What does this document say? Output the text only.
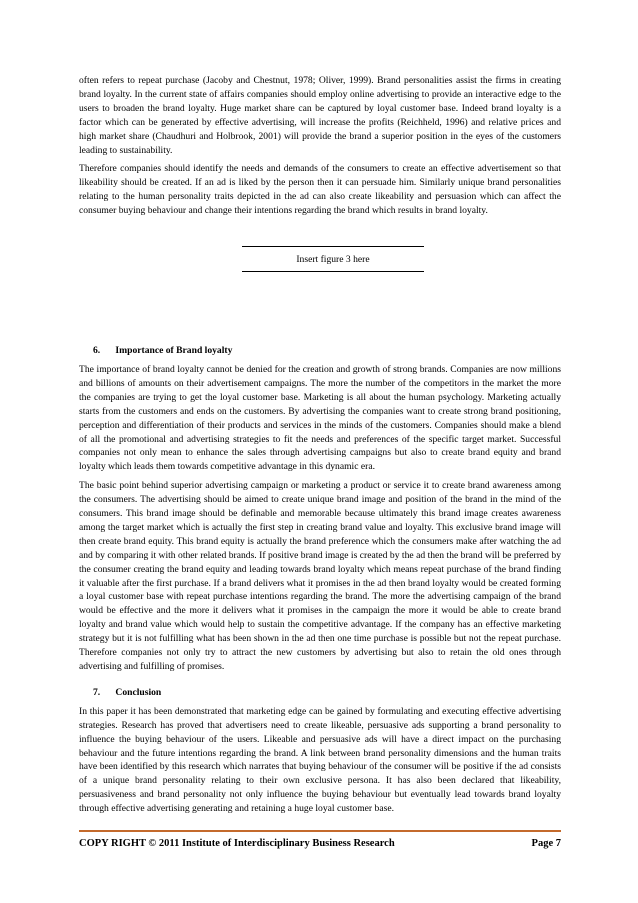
often refers to repeat purchase (Jacoby and Chestnut, 1978; Oliver, 1999). Brand personalities assist the firms in creating brand loyalty. In the current state of affairs companies should employ online advertising to provide an interactive edge to the users to broaden the brand loyalty. Huge market share can be captured by loyal customer base. Indeed brand loyalty is a factor which can be generated by effective advertising, will increase the profits (Reichheld, 1996) and relative prices and high market share (Chaudhuri and Holbrook, 2001) will provide the brand a superior position in the eyes of the customers leading to sustainability.

Therefore companies should identify the needs and demands of the consumers to create an effective advertisement so that likeability should be created. If an ad is liked by the person then it can persuade him. Similarly unique brand personalities relating to the human personality traits depicted in the ad can also create likeability and persuasion which can affect the consumer buying behaviour and change their intentions regarding the brand which results in brand loyalty.

Insert figure 3 here
6. Importance of Brand loyalty

The importance of brand loyalty cannot be denied for the creation and growth of strong brands. Companies are now millions and billions of amounts on their advertisement campaigns. The more the number of the competitors in the market the more the companies are trying to get the loyal customer base. Marketing is all about the human psychology. Marketing actually starts from the customers and ends on the customers. By advertising the companies want to create strong brand positioning, perception and differentiation of their products and services in the minds of the customers. Companies should make a blend of all the promotional and advertising strategies to fit the needs and preferences of the specific target market. Successful companies not only mean to enhance the sales through advertising campaigns but also to create brand equity and brand loyalty which leads them towards competitive advantage in this dynamic era.

The basic point behind superior advertising campaign or marketing a product or service it to create brand awareness among the consumers. The advertising should be aimed to create unique brand image and position of the brand in the mind of the consumers. This brand image should be definable and memorable because ultimately this brand image creates awareness among the target market which is actually the first step in creating brand value and loyalty. This exclusive brand image will then create brand equity. This brand equity is actually the brand preference which the consumers make after watching the ad and by comparing it with other related brands. If positive brand image is created by the ad then the brand will be preferred by the consumer creating the brand equity and leading towards brand loyalty which means repeat purchase of the brand finding it valuable after the first purchase. If a brand delivers what it promises in the ad then brand loyalty would be created forming a loyal customer base with repeat purchase intentions regarding the brand. The more the advertising campaign of the brand would be effective and the more it delivers what it promises in the campaign the more it would be able to create brand loyalty and brand value which would help to sustain the competitive advantage. If the company has an effective marketing strategy but it is not fulfilling what has been shown in the ad then one time purchase is possible but not the repeat purchase. Therefore companies not only try to attract the new customers by advertising but also to retain the old ones through advertising and fulfilling of promises.

7. Conclusion

In this paper it has been demonstrated that marketing edge can be gained by formulating and executing effective advertising strategies. Research has proved that advertisers need to create likeable, persuasive ads supporting a brand personality to influence the buying behaviour of the users. Likeable and persuasive ads will have a direct impact on the purchasing behaviour and the future intentions regarding the brand. A link between brand personality dimensions and the human traits have been identified by this research which narrates that buying behaviour of the consumer will be positive if the ad consists of a unique brand personality relating to their own exclusive persona. It has also been declared that likeability, persuasiveness and brand personality not only influence the buying behaviour but eventually lead towards brand loyalty through effective advertising generating and retaining a huge loyal customer base.

COPY RIGHT © 2011 Institute of Interdisciplinary Business Research	Page 7
